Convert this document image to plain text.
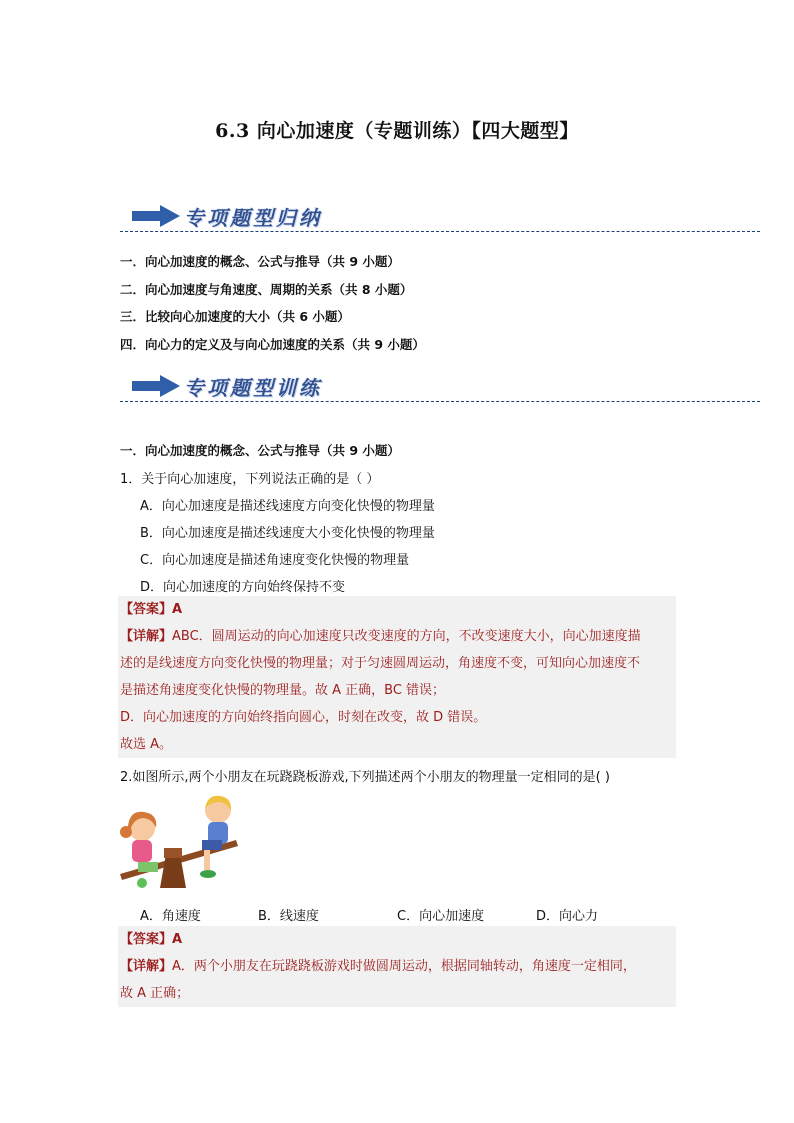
6.3 向心加速度（专题训练）【四大题型】
专项题型归纳
一．向心加速度的概念、公式与推导（共 9 小题）
二．向心加速度与角速度、周期的关系（共 8 小题）
三．比较向心加速度的大小（共 6 小题）
四．向心力的定义及与向心加速度的关系（共 9 小题）
专项题型训练
一．向心加速度的概念、公式与推导（共 9 小题）
1．关于向心加速度，下列说法正确的是（ ）
A．向心加速度是描述线速度方向变化快慢的物理量
B．向心加速度是描述线速度大小变化快慢的物理量
C．向心加速度是描述角速度变化快慢的物理量
D．向心加速度的方向始终保持不变

【答案】A

【详解】ABC．圆周运动的向心加速度只改变速度的方向，不改变速度大小，向心加速度描

述的是线速度方向变化快慢的物理量；对于匀速圆周运动，角速度不变，可知向心加速度不

是描述角速度变化快慢的物理量。故 A 正确，BC 错误；

D．向心加速度的方向始终指向圆心，时刻在改变，故 D 错误。

故选 A。

2.如图所示,两个小朋友在玩跷跷板游戏,下列描述两个小朋友的物理量一定相同的是( )
A．角速度	B．线速度	C．向心加速度	D．向心力

【答案】A

【详解】A．两个小朋友在玩跷跷板游戏时做圆周运动，根据同轴转动，角速度一定相同，

故 A 正确；
